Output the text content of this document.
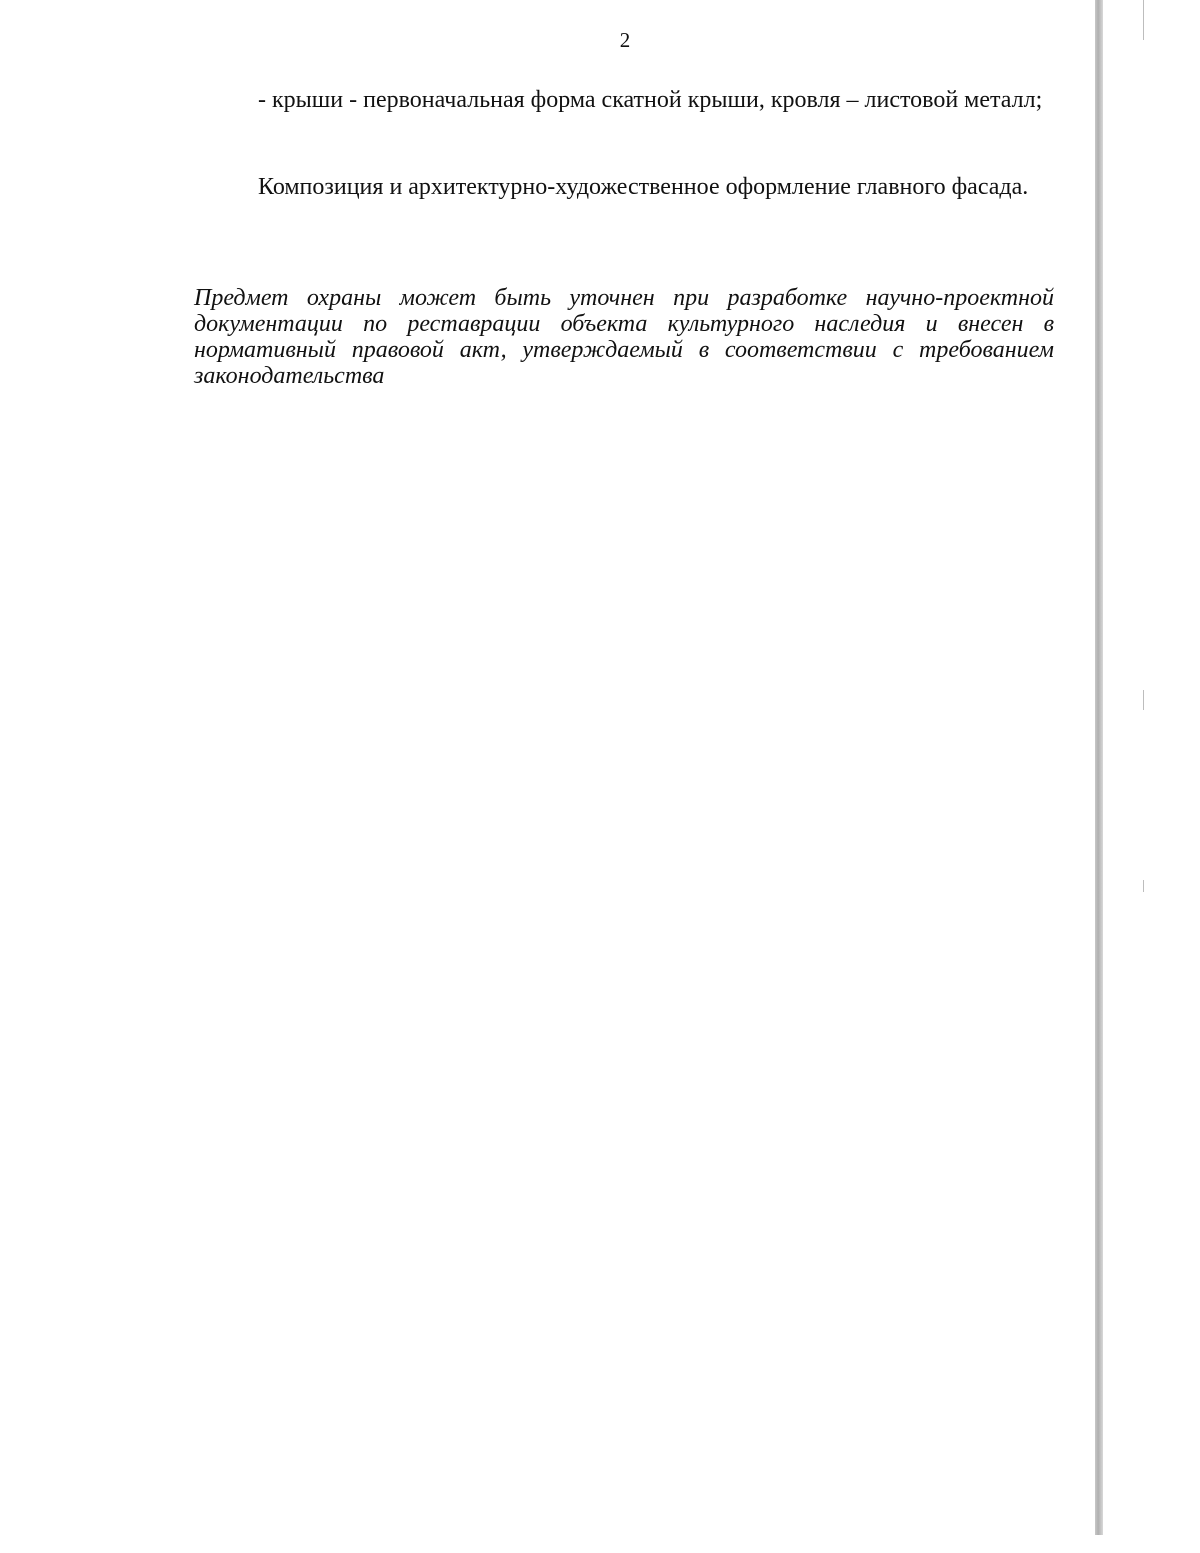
2

- крыши - первоначальная форма скатной крыши, кровля – листовой металл;

Композиция и архитектурно-художественное оформление главного фасада.

Предмет охраны может быть уточнен при разработке научно-проектной документации по реставрации объекта культурного наследия и внесен в нормативный правовой акт, утверждаемый в соответствии с требованием законодательства
